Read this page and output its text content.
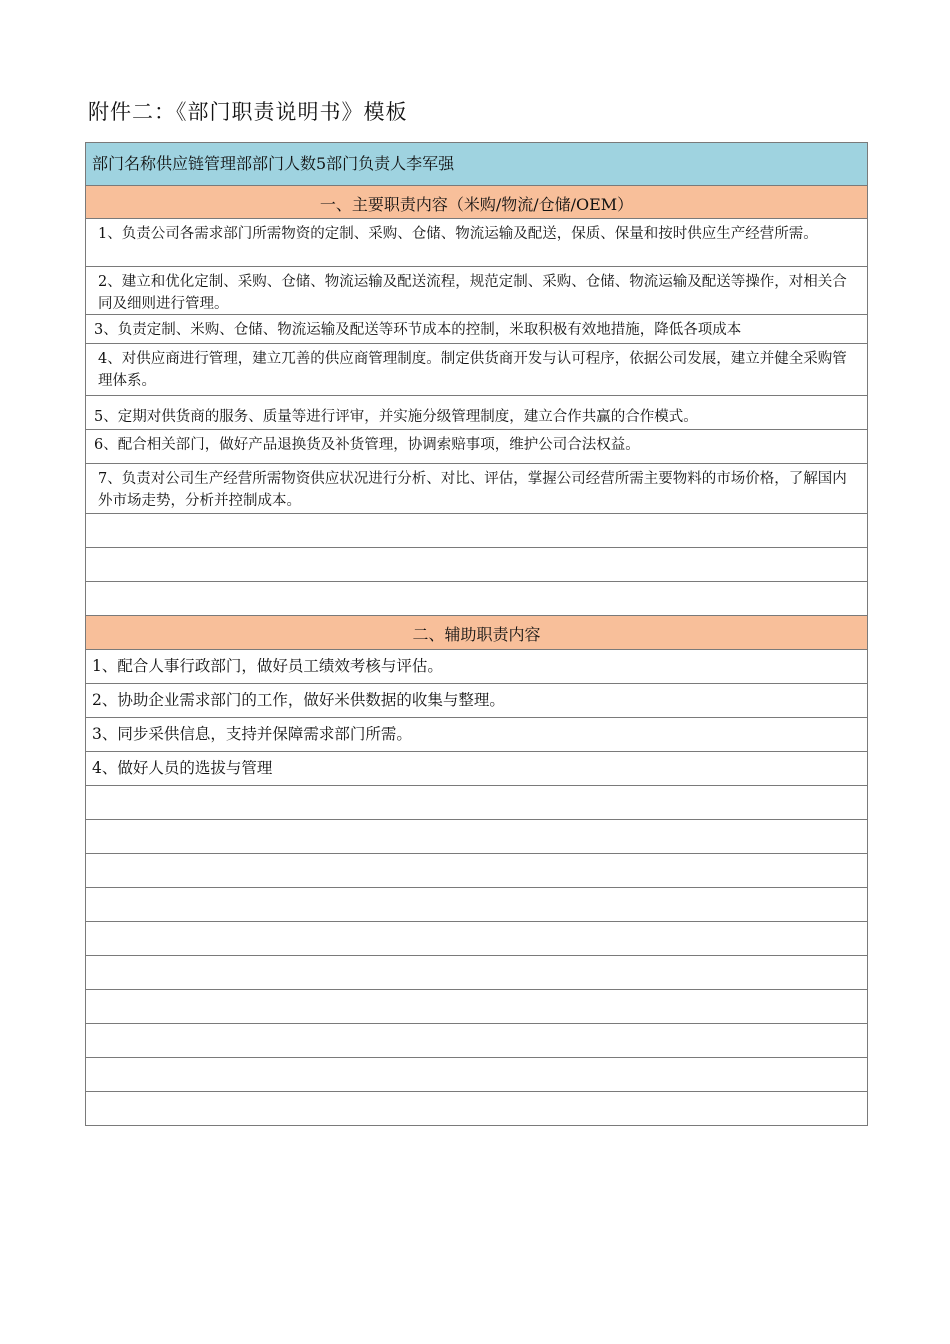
附件二：《部门职责说明书》模板
部门名称供应链管理部部门人数5部门负责人李军强
一、主要职责内容（米购/物流/仓储/OEM）
1、负责公司各需求部门所需物资的定制、采购、仓储、物流运输及配送，保质、保量和按时供应生产经营所需。
2、建立和优化定制、采购、仓储、物流运输及配送流程，规范定制、采购、仓储、物流运输及配送等操作，对相关合同及细则进行管理。
3、负责定制、米购、仓储、物流运输及配送等环节成本的控制，米取积极有效地措施，降低各项成本
4、对供应商进行管理，建立兀善的供应商管理制度。制定供货商开发与认可程序，依据公司发展，建立并健全采购管理体系。
5、定期对供货商的服务、质量等进行评审，并实施分级管理制度，建立合作共赢的合作模式。
6、配合相关部门，做好产品退换货及补货管理，协调索赔事项，维护公司合法权益。
7、负责对公司生产经营所需物资供应状况进行分析、对比、评估，掌握公司经营所需主要物料的市场价格，了解国内外市场走势，分析并控制成本。
二、辅助职责内容
1、配合人事行政部门，做好员工绩效考核与评估。
2、协助企业需求部门的工作，做好米供数据的收集与整理。
3、同步采供信息，支持并保障需求部门所需。
4、做好人员的选拔与管理
